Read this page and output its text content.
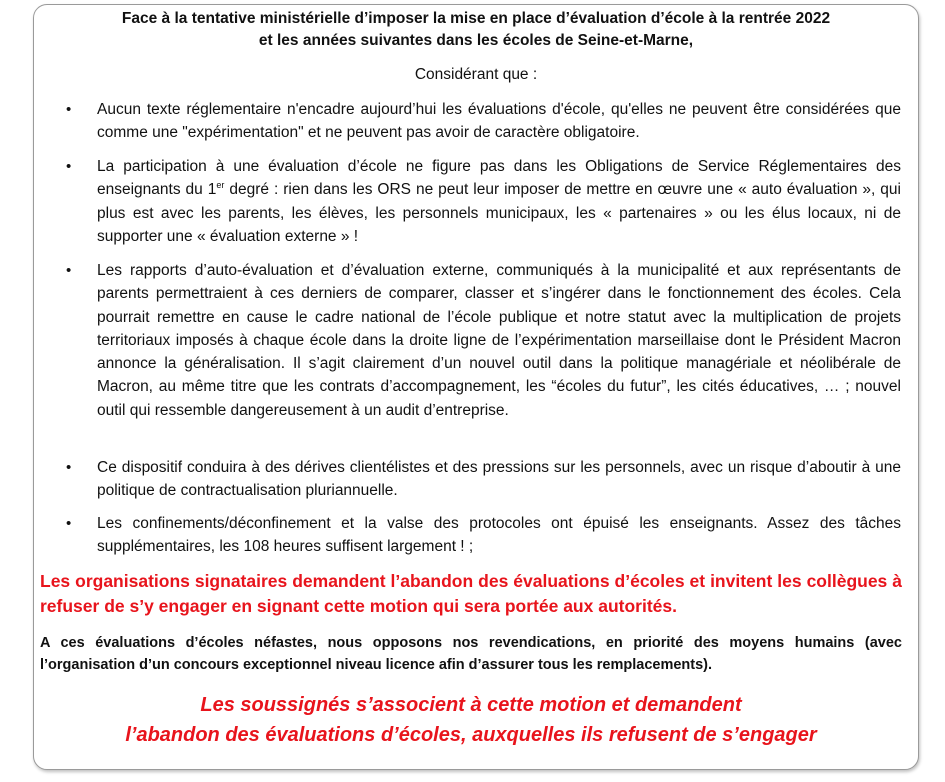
Face à la tentative ministérielle d’imposer la mise en place d’évaluation d’école à la rentrée 2022
et les années suivantes dans les écoles de Seine-et-Marne,
Considérant que :
• Aucun texte réglementaire n'encadre aujourd’hui les évaluations d'école, qu'elles ne peuvent être considérées que comme une "expérimentation" et ne peuvent pas avoir de caractère obligatoire.
• La participation à une évaluation d’école ne figure pas dans les Obligations de Service Réglementaires des enseignants du 1er degré : rien dans les ORS ne peut leur imposer de mettre en œuvre une « auto évaluation », qui plus est avec les parents, les élèves, les personnels municipaux, les « partenaires » ou les élus locaux, ni de supporter une « évaluation externe » !
• Les rapports d’auto-évaluation et d’évaluation externe, communiqués à la municipalité et aux représentants de parents permettraient à ces derniers de comparer, classer et s’ingérer dans le fonctionnement des écoles. Cela pourrait remettre en cause le cadre national de l’école publique et notre statut avec la multiplication de projets territoriaux imposés à chaque école dans la droite ligne de l’expérimentation marseillaise dont le Président Macron annonce la généralisation. Il s’agit clairement d’un nouvel outil dans la politique managériale et néolibérale de Macron, au même titre que les contrats d’accompagnement, les “écoles du futur”, les cités éducatives, … ; nouvel outil qui ressemble dangereusement à un audit d’entreprise.
• Ce dispositif conduira à des dérives clientélistes et des pressions sur les personnels, avec un risque d’aboutir à une politique de contractualisation pluriannuelle.
• Les confinements/déconfinement et la valse des protocoles ont épuisé les enseignants. Assez des tâches supplémentaires, les 108 heures suffisent largement ! ;
Les organisations signataires demandent l’abandon des évaluations d’écoles et invitent les collègues à refuser de s’y engager en signant cette motion qui sera portée aux autorités.
A ces évaluations d’écoles néfastes, nous opposons nos revendications, en priorité des moyens humains (avec l’organisation d’un concours exceptionnel niveau licence afin d’assurer tous les remplacements).
Les soussignés s’associent à cette motion et demandent
l’abandon des évaluations d’écoles, auxquelles ils refusent de s’engager
